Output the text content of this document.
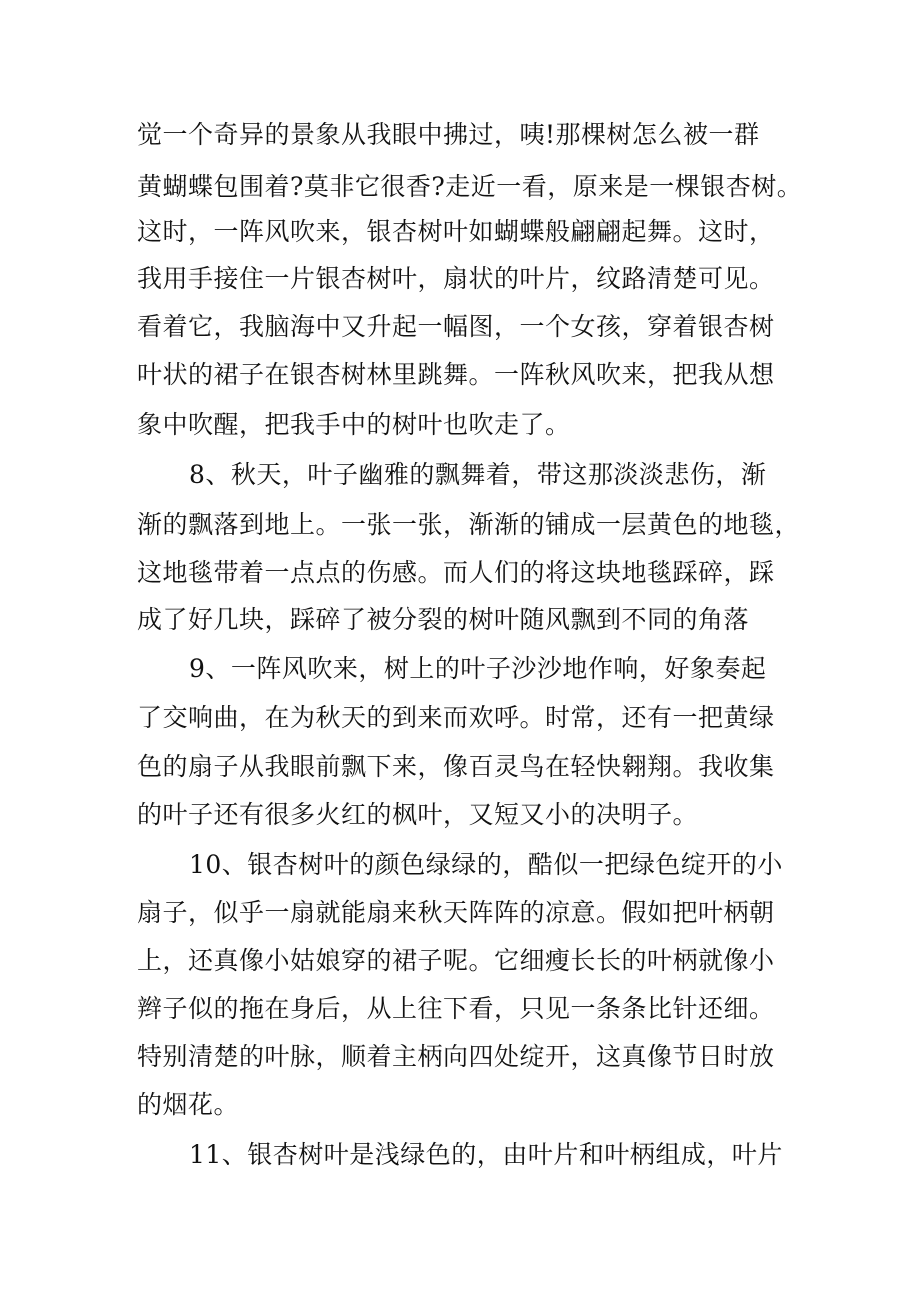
觉一个奇异的景象从我眼中拂过，咦!那棵树怎么被一群
黄蝴蝶包围着?莫非它很香?走近一看，原来是一棵银杏树。
这时，一阵风吹来，银杏树叶如蝴蝶般翩翩起舞。这时，
我用手接住一片银杏树叶，扇状的叶片，纹路清楚可见。
看着它，我脑海中又升起一幅图，一个女孩，穿着银杏树
叶状的裙子在银杏树林里跳舞。一阵秋风吹来，把我从想
象中吹醒，把我手中的树叶也吹走了。
8、秋天，叶子幽雅的飘舞着，带这那淡淡悲伤，渐
渐的飘落到地上。一张一张，渐渐的铺成一层黄色的地毯，
这地毯带着一点点的伤感。而人们的将这块地毯踩碎，踩
成了好几块，踩碎了被分裂的树叶随风飘到不同的角落
9、一阵风吹来，树上的叶子沙沙地作响，好象奏起
了交响曲，在为秋天的到来而欢呼。时常，还有一把黄绿
色的扇子从我眼前飘下来，像百灵鸟在轻快翱翔。我收集
的叶子还有很多火红的枫叶，又短又小的决明子。
10、银杏树叶的颜色绿绿的，酷似一把绿色绽开的小
扇子，似乎一扇就能扇来秋天阵阵的凉意。假如把叶柄朝
上，还真像小姑娘穿的裙子呢。它细瘦长长的叶柄就像小
辫子似的拖在身后，从上往下看，只见一条条比针还细。
特别清楚的叶脉，顺着主柄向四处绽开，这真像节日时放
的烟花。
11、银杏树叶是浅绿色的，由叶片和叶柄组成，叶片
